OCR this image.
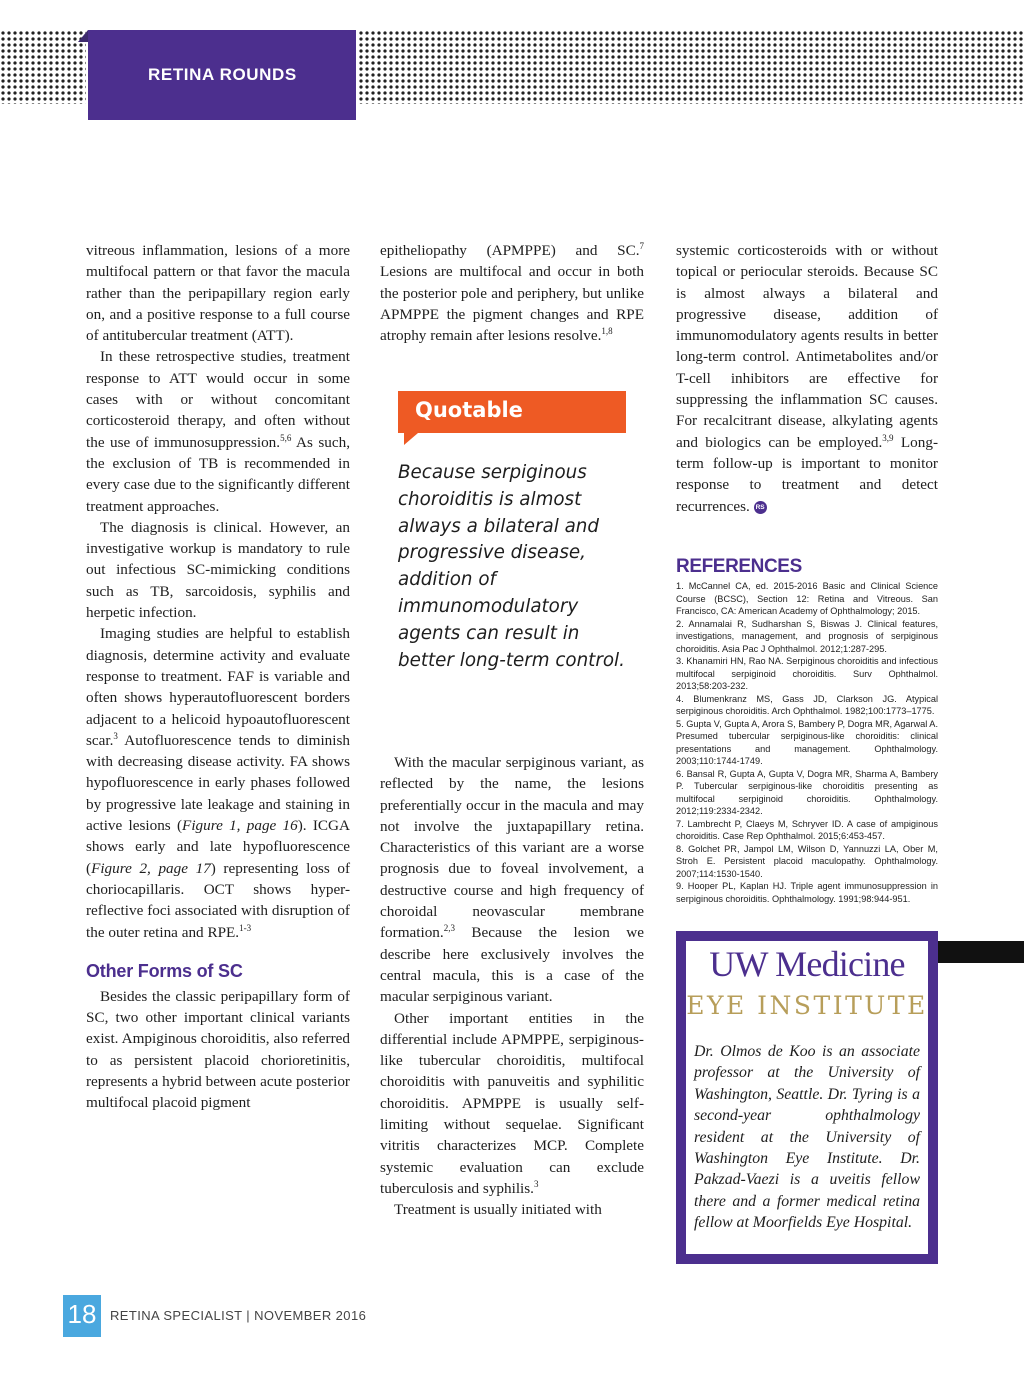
RETINA ROUNDS

vitreous inflammation, lesions of a more multifocal pattern or that favor the macula rather than the peripapillary region early on, and a positive response to a full course of antitubercular treatment (ATT).

In these retrospective studies, treatment response to ATT would occur in some cases with or without concomitant corticosteroid therapy, and often without the use of immunosuppression.$^{5,6}$ As such, the exclusion of TB is recommended in every case due to the significantly different treatment approaches.

The diagnosis is clinical. However, an investigative workup is mandatory to rule out infectious SC-mimicking conditions such as TB, sarcoidosis, syphilis and herpetic infection.

Imaging studies are helpful to establish diagnosis, determine activity and evaluate response to treatment. FAF is variable and often shows hyperautofluorescent borders adjacent to a helicoid hypoautofluorescent scar.$^3$ Autofluorescence tends to diminish with decreasing disease activity. FA shows hypofluorescence in early phases followed by progressive late leakage and staining in active lesions (Figure 1, page 16). ICGA shows early and late hypofluorescence (Figure 2, page 17) representing loss of choriocapillaris. OCT shows hyper-reflective foci associated with disruption of the outer retina and RPE.$^{1-3}$

Other Forms of SC

Besides the classic peripapillary form of SC, two other important clinical variants exist. Ampiginous choroiditis, also referred to as persistent placoid chorioretinitis, represents a hybrid between acute posterior multifocal placoid pigment

epitheliopathy (APMPPE) and SC.$^7$ Lesions are multifocal and occur in both the posterior pole and periphery, but unlike APMPPE the pigment changes and RPE atrophy remain after lesions resolve.$^{1,8}$

Quotable
Because serpiginous choroiditis is almost always a bilateral and progressive disease, addition of immunomodulatory agents can result in better long-term control.

With the macular serpiginous variant, as reflected by the name, the lesions preferentially occur in the macula and may not involve the juxtapapillary retina. Characteristics of this variant are a worse prognosis due to foveal involvement, a destructive course and high frequency of choroidal neovascular membrane formation.$^{2,3}$ Because the lesion we describe here exclusively involves the central macula, this is a case of the macular serpiginous variant.

Other important entities in the differential include APMPPE, serpiginous-like tubercular choroiditis, multifocal choroiditis with panuveitis and syphilitic choroiditis. APMPPE is usually self-limiting without sequelae. Significant vitritis characterizes MCP. Complete systemic evaluation can exclude tuberculosis and syphilis.$^3$

Treatment is usually initiated with

systemic corticosteroids with or without topical or periocular steroids. Because SC is almost always a bilateral and progressive disease, addition of immunomodulatory agents results in better long-term control. Antimetabolites and/or T-cell inhibitors are effective for suppressing the inflammation SC causes. For recalcitrant disease, alkylating agents and biologics can be employed.$^{3,9}$ Long-term follow-up is important to monitor response to treatment and detect recurrences. RS

REFERENCES

1. McCannel CA, ed. 2015-2016 Basic and Clinical Science Course (BCSC), Section 12: Retina and Vitreous. San Francisco, CA: American Academy of Ophthalmology; 2015.

2. Annamalai R, Sudharshan S, Biswas J. Clinical features, investigations, management, and prognosis of serpiginous choroiditis. Asia Pac J Ophthalmol. 2012;1:287-295.

3. Khanamiri HN, Rao NA. Serpiginous choroiditis and infectious multifocal serpiginoid choroiditis. Surv Ophthalmol. 2013;58:203-232.

4. Blumenkranz MS, Gass JD, Clarkson JG. Atypical serpiginous choroiditis. Arch Ophthalmol. 1982;100:1773–1775.

5. Gupta V, Gupta A, Arora S, Bambery P, Dogra MR, Agarwal A. Presumed tubercular serpiginous-like choroiditis: clinical presentations and management. Ophthalmology. 2003;110:1744-1749.

6. Bansal R, Gupta A, Gupta V, Dogra MR, Sharma A, Bambery P. Tubercular serpiginous-like choroiditis presenting as multifocal serpiginoid choroiditis. Ophthalmology. 2012;119:2334-2342.

7. Lambrecht P, Claeys M, Schryver ID. A case of ampiginous choroiditis. Case Rep Ophthalmol. 2015;6:453-457.

8. Golchet PR, Jampol LM, Wilson D, Yannuzzi LA, Ober M, Stroh E. Persistent placoid maculopathy. Ophthalmology. 2007;114:1530-1540.

9. Hooper PL, Kaplan HJ. Triple agent immunosuppression in serpiginous choroiditis. Ophthalmology. 1991;98:944-951.

UW Medicine
EYE INSTITUTE
Dr. Olmos de Koo is an associate professor at the University of Washington, Seattle. Dr. Tyring is a second-year ophthalmology resident at the University of Washington Eye Institute. Dr. Pakzad-Vaezi is a uveitis fellow there and a former medical retina fellow at Moorfields Eye Hospital.
18	RETINA SPECIALIST | NOVEMBER 2016
